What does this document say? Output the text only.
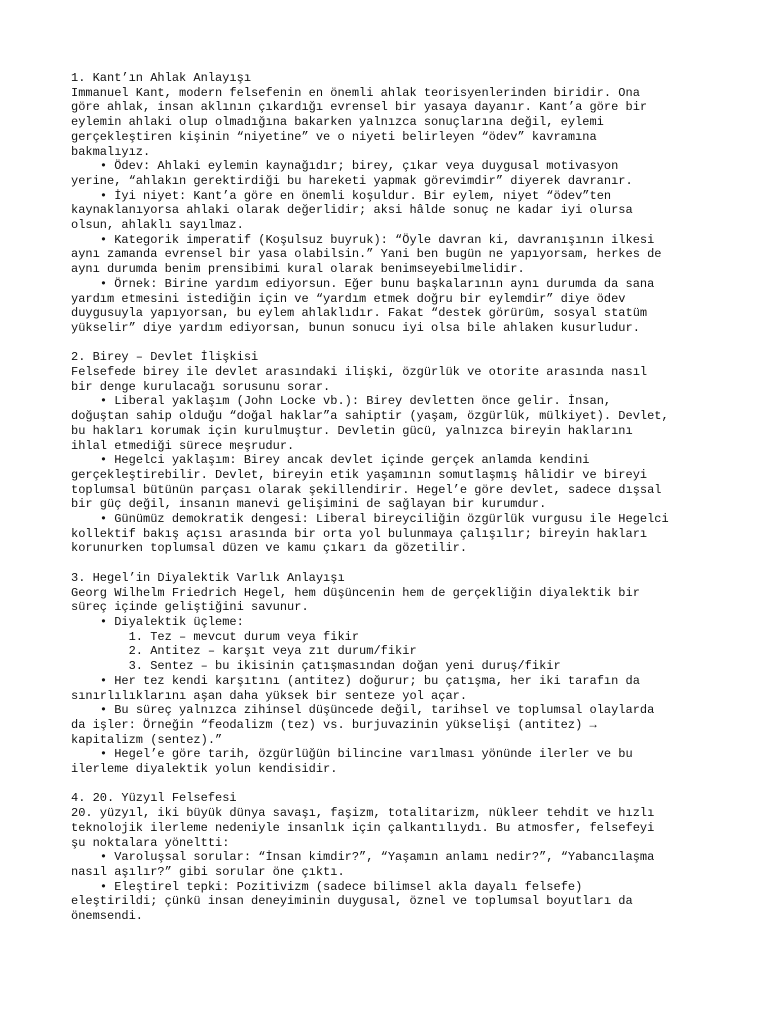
1. Kant’ın Ahlak Anlayışı
Immanuel Kant, modern felsefenin en önemli ahlak teorisyenlerinden biridir. Ona
göre ahlak, insan aklının çıkardığı evrensel bir yasaya dayanır. Kant’a göre bir
eylemin ahlaki olup olmadığına bakarken yalnızca sonuçlarına değil, eylemi
gerçekleştiren kişinin “niyetine” ve o niyeti belirleyen “ödev” kavramına
bakmalıyız.
• Ödev: Ahlaki eylemin kaynağıdır; birey, çıkar veya duygusal motivasyon
yerine, “ahlakın gerektirdiği bu hareketi yapmak görevimdir” diyerek davranır.
• İyi niyet: Kant’a göre en önemli koşuldur. Bir eylem, niyet “ödev”ten
kaynaklanıyorsa ahlaki olarak değerlidir; aksi hâlde sonuç ne kadar iyi olursa
olsun, ahlaklı sayılmaz.
• Kategorik imperatif (Koşulsuz buyruk): “Öyle davran ki, davranışının ilkesi
aynı zamanda evrensel bir yasa olabilsin.” Yani ben bugün ne yapıyorsam, herkes de
aynı durumda benim prensibimi kural olarak benimseyebilmelidir.
• Örnek: Birine yardım ediyorsun. Eğer bunu başkalarının aynı durumda da sana
yardım etmesini istediğin için ve “yardım etmek doğru bir eylemdir” diye ödev
duygusuyla yapıyorsan, bu eylem ahlaklıdır. Fakat “destek görürüm, sosyal statüm
yükselir” diye yardım ediyorsan, bunun sonucu iyi olsa bile ahlaken kusurludur.
2. Birey – Devlet İlişkisi
Felsefede birey ile devlet arasındaki ilişki, özgürlük ve otorite arasında nasıl
bir denge kurulacağı sorusunu sorar.
• Liberal yaklaşım (John Locke vb.): Birey devletten önce gelir. İnsan,
doğuştan sahip olduğu “doğal haklar”a sahiptir (yaşam, özgürlük, mülkiyet). Devlet,
bu hakları korumak için kurulmuştur. Devletin gücü, yalnızca bireyin haklarını
ihlal etmediği sürece meşrudur.
• Hegelci yaklaşım: Birey ancak devlet içinde gerçek anlamda kendini
gerçekleştirebilir. Devlet, bireyin etik yaşamının somutlaşmış hâlidir ve bireyi
toplumsal bütünün parçası olarak şekillendirir. Hegel’e göre devlet, sadece dışsal
bir güç değil, insanın manevi gelişimini de sağlayan bir kurumdur.
• Günümüz demokratik dengesi: Liberal bireyciliğin özgürlük vurgusu ile Hegelci
kollektif bakış açısı arasında bir orta yol bulunmaya çalışılır; bireyin hakları
korunurken toplumsal düzen ve kamu çıkarı da gözetilir.
3. Hegel’in Diyalektik Varlık Anlayışı
Georg Wilhelm Friedrich Hegel, hem düşüncenin hem de gerçekliğin diyalektik bir
süreç içinde geliştiğini savunur.
• Diyalektik üçleme:
1. Tez – mevcut durum veya fikir
2. Antitez – karşıt veya zıt durum/fikir
3. Sentez – bu ikisinin çatışmasından doğan yeni duruş/fikir
• Her tez kendi karşıtını (antitez) doğurur; bu çatışma, her iki tarafın da
sınırlılıklarını aşan daha yüksek bir senteze yol açar.
• Bu süreç yalnızca zihinsel düşüncede değil, tarihsel ve toplumsal olaylarda
da işler: Örneğin “feodalizm (tez) vs. burjuvazinin yükselişi (antitez) →
kapitalizm (sentez).”
• Hegel’e göre tarih, özgürlüğün bilincine varılması yönünde ilerler ve bu
ilerleme diyalektik yolun kendisidir.
4. 20. Yüzyıl Felsefesi
20. yüzyıl, iki büyük dünya savaşı, faşizm, totalitarizm, nükleer tehdit ve hızlı
teknolojik ilerleme nedeniyle insanlık için çalkantılıydı. Bu atmosfer, felsefeyi
şu noktalara yöneltti:
• Varoluşsal sorular: “İnsan kimdir?”, “Yaşamın anlamı nedir?”, “Yabancılaşma
nasıl aşılır?” gibi sorular öne çıktı.
• Eleştirel tepki: Pozitivizm (sadece bilimsel akla dayalı felsefe)
eleştirildi; çünkü insan deneyiminin duygusal, öznel ve toplumsal boyutları da
önemsendi.
